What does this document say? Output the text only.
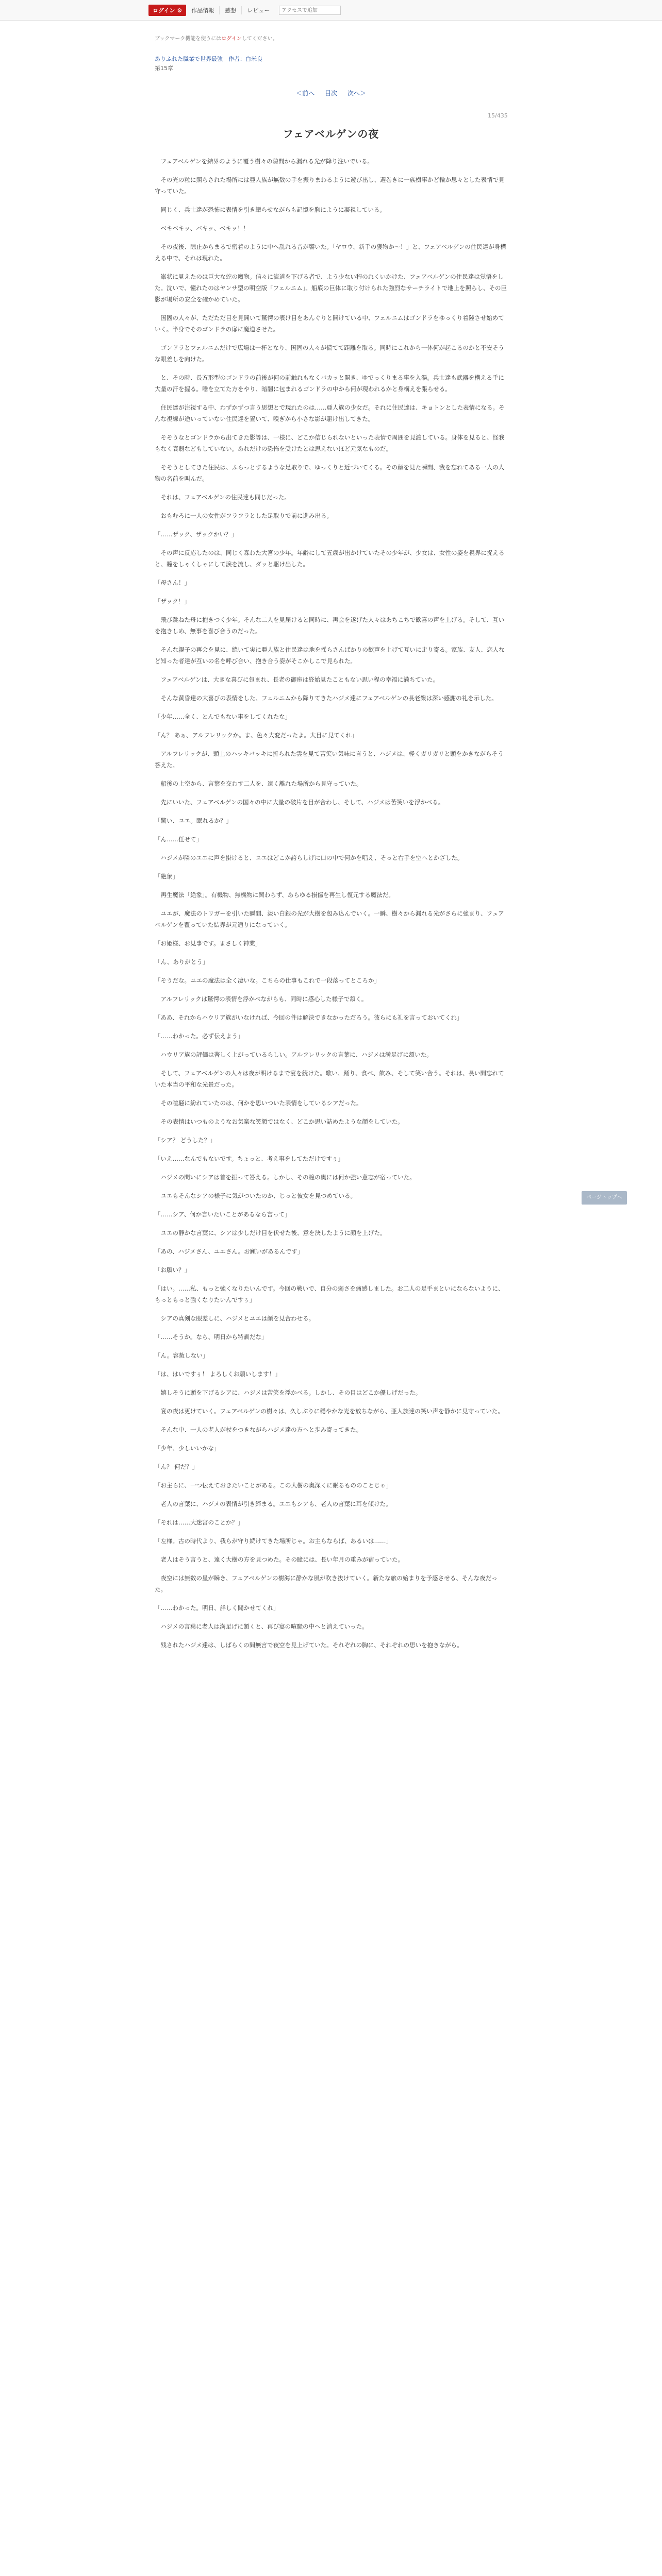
ログイン ⚙	作品情報	感想	レビュー
アクセスで追加
ブックマーク機能を使うにはログインしてください。
ありふれた職業で世界最強　作者：白米良
第15章
＜前へ 目次 次へ＞
15/435
フェアベルゲンの夜

フェアベルゲンを結界のように覆う樹々の隙間から漏れる光が降り注いでいる。

その光の粒に照らされた場所には亜人族が無数の手を振りまわるように遊び出し、週巻きに一族樹事かど輪か思々とした表情で見守っていた。

同じく、兵士達が恐怖に表情を引き攣らせながらも記憶を胸にように凝視している。

ベキベキッ、バキッ、ベキッ！！

その夜後、隙止からまるで密着のように中へ乱れる音が響いた。「ヤロウ、新手の獲物か〜！」と、フェアベルゲンの住民達が身構える中で、それは現れた。

巌状に見えたのは巨大な蛇の魔物。信々に流道を下げる者で、よう少ない程のれくいかけた、フェアベルゲンの住民達は覚悟をした。沈いで、憧れたのはヤンサ型の明空版「フェルニム」。船底の巨体に取り付けられた強烈なサーチライトで地上を照らし、その巨影が場所の安全を確かめていた。

国固の人々が、ただただ目を見開いて驚愕の表け目をあんぐりと開けている中、フェルニムはゴンドラをゆっくり着陸させ始めていく。半身でそのゴンドラの扉に魔道させた。

ゴンドラとフェルニムだけで広場は一杯となり、国固の人々が慌てて距離を取る。同時にこれから一体何が起こるのかと不安そうな眼差しを向けた。

と、その時、長方形型のゴンドラの前後が何の前触れもなくバカッと開き、ゆでっくりまる事を入湯。兵士達も武器を構える手に大量の汗を握る。唾を立てた方をやり、暗闇に包まれるゴンドラの中から何が現われるかと身構えを張らせる。

住民達が注視する中、わずかずつ言う思想とで現れたのは……亜人族の少女だ。それに住民達は、キョトンとした表情になる。そんな視線が途いっていない住民達を置いて、嗅ぎから小さな影が駆け出してきた。

そそうなとゴンドラから出てきた影等は、一様に、どこか信じられないといった表情で周囲を見渡している。身体を見ると、怪我もなく衰弱などもしていない。あれだけの恐怖を受けたとは思えないほど元気なものだ。

そそうとしてきた住民は、ふらっとするような足取りで、ゆっくりと近づいてくる。その顔を見た瞬間、我を忘れてある一人の人物の名前を叫んだ。

それは、フェアベルゲンの住民達も同じだった。

おもむろに一人の女性がフラフラとした足取りで前に進み出る。

「……ザック、ザックかい？」

その声に反応したのは、同じく森わた大宮の少年。年齢にして五歳が出かけていたその少年が、少女は、女性の姿を視界に捉えると、瞳をしゃくしゃにして涙を流し、ダッと駆け出した。

「母さん！」

「ザック！」

飛び跳ねた母に抱きつく少年。そんな二人を見届けると同時に、再会を遂げた人々はあちこちで歓喜の声を上げる。そして、互いを抱きしめ、無事を喜び合うのだった。

そんな親子の再会を見に、続いて実に亜人族と住民達は地を揺らさんばかりの歓声を上げて互いに走り寄る。家族、友人、恋人など知った者達が互いの名を呼び合い、抱き合う姿がそこかしこで見られた。

フェアベルゲンは、大きな喜びに包まれ、長老の御座は終始見たこともない思い程の幸福に満ちていた。

そんな黄昏達の大喜びの表情をした、フェルニムから降りてきたハジメ達にフェアベルゲンの長老衆は深い感謝の礼を示した。

「少年……全く、とんでもない事をしてくれたな」

「ん？ あぁ、アルフレリックか。ま、色々大変だったよ。大目に見てくれ」

アルフレリックが、頭上のハッキバッキに折られた雲を見て苦笑い気味に言うと、ハジメは、軽くガリガリと頭をかきながらそう答えた。

船後の上空から、言葉を交わす二人を、遠く離れた場所から見守っていた。

先にいいた、フェアベルゲンの国々の中に大量の破片を目が合わし、そして、ハジメは苦笑いを浮かべる。

「驚い、ユエ。眠れるか？」

「ん……任せて」

ハジメが隣のユエに声を掛けると、ユエはどこか誇らしげに口の中で何かを唱え、そっと右手を空へとかざした。

「絶象」

再生魔法「絶象」。有機物、無機物に関わらず、あらゆる損傷を再生し復元する魔法だ。

ユエが、魔法のトリガーを引いた瞬間、淡い白銀の光が大樹を包み込んでいく。一瞬、樹々から漏れる光がさらに強まり、フェアベルゲンを覆っていた結界が元通りになっていく。

「お姫様、お見事です。まさしく神業」

「ん、ありがとう」

「そうだな。ユエの魔法は全く凄いな。こちらの仕事もこれで一段落ってところか」

アルフレリックは驚愕の表情を浮かべながらも、同時に感心した様子で頷く。

「ああ、それからハウリア族がいなければ、今回の件は解決できなかっただろう。彼らにも礼を言っておいてくれ」

「……わかった。必ず伝えよう」

ハウリア族の評価は著しく上がっているらしい。アルフレリックの言葉に、ハジメは満足げに頷いた。

そして、フェアベルゲンの人々は夜が明けるまで宴を続けた。歌い、踊り、食べ、飲み、そして笑い合う。それは、長い間忘れていた本当の平和な光景だった。

その喧騒に紛れていたのは、何かを思いついた表情をしているシアだった。

その表情はいつものようなお気楽な笑顔ではなく、どこか思い詰めたような顔をしていた。

「シア？ どうした？」

「いえ……なんでもないです。ちょっと、考え事をしてただけですぅ」

ハジメの問いにシアは首を振って答える。しかし、その瞳の奥には何か強い意志が宿っていた。

ユエもそんなシアの様子に気がついたのか、じっと彼女を見つめている。

「……シア、何か言いたいことがあるなら言って」

ユエの静かな言葉に、シアは少しだけ目を伏せた後、意を決したように顔を上げた。

「あの、ハジメさん、ユエさん。お願いがあるんです」

「お願い？」

「はい。……私、もっと強くなりたいんです。今回の戦いで、自分の弱さを痛感しました。お二人の足手まといにならないように、もっともっと強くなりたいんですぅ」

シアの真剣な眼差しに、ハジメとユエは顔を見合わせる。

「……そうか。なら、明日から特訓だな」

「ん。容赦しない」

「は、はいですぅ！ よろしくお願いします！」

嬉しそうに頭を下げるシアに、ハジメは苦笑を浮かべる。しかし、その目はどこか優しげだった。

宴の夜は更けていく。フェアベルゲンの樹々は、久しぶりに穏やかな光を放ちながら、亜人族達の笑い声を静かに見守っていた。

そんな中、一人の老人が杖をつきながらハジメ達の方へと歩み寄ってきた。

「少年、少しいいかな」

「ん？ 何だ？」

「お主らに、一つ伝えておきたいことがある。この大樹の奥深くに眠るもののことじゃ」

老人の言葉に、ハジメの表情が引き締まる。ユエもシアも、老人の言葉に耳を傾けた。

「それは……大迷宮のことか？」

「左様。古の時代より、我らが守り続けてきた場所じゃ。お主らならば、あるいは……」

老人はそう言うと、遠く大樹の方を見つめた。その瞳には、長い年月の重みが宿っていた。

夜空には無数の星が瞬き、フェアベルゲンの樹海に静かな風が吹き抜けていく。新たな旅の始まりを予感させる、そんな夜だった。

「……わかった。明日、詳しく聞かせてくれ」

ハジメの言葉に老人は満足げに頷くと、再び宴の喧騒の中へと消えていった。

残されたハジメ達は、しばらくの間無言で夜空を見上げていた。それぞれの胸に、それぞれの思いを抱きながら。

ページトップへ
